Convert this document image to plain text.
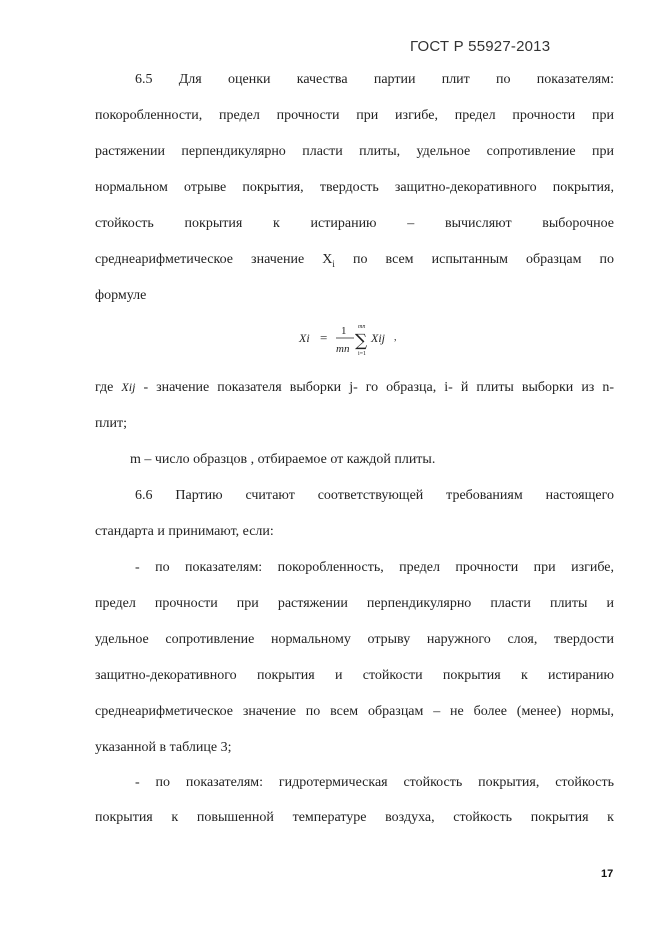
ГОСТ Р 55927-2013
6.5 Для оценки качества партии плит по показателям:
покоробленности, предел прочности при изгибе, предел прочности при
растяжении перпендикулярно пласти плиты, удельное сопротивление при
нормальном отрыве покрытия, твердость защитно-декоративного покрытия,
стойкость покрытия к истиранию – вычисляют выборочное
среднеарифметическое значение $X_i$ по всем испытанным образцам по
формуле
Xi = 1
mn
mn
∑
i=1
Xij ,
где Xij - значение показателя выборки j- го образца, i- й плиты выборки из n-
плит;
m – число образцов , отбираемое от каждой плиты.
6.6 Партию считают соответствующей требованиям настоящего
стандарта и принимают, если:
- по показателям: покоробленность, предел прочности при изгибе,
предел прочности при растяжении перпендикулярно пласти плиты и
удельное сопротивление нормальному отрыву наружного слоя, твердости
защитно-декоративного покрытия и стойкости покрытия к истиранию
среднеарифметическое значение по всем образцам – не более (менее) нормы,
указанной в таблице 3;
- по показателям: гидротермическая стойкость покрытия, стойкость
покрытия к повышенной температуре воздуха, стойкость покрытия к
17
